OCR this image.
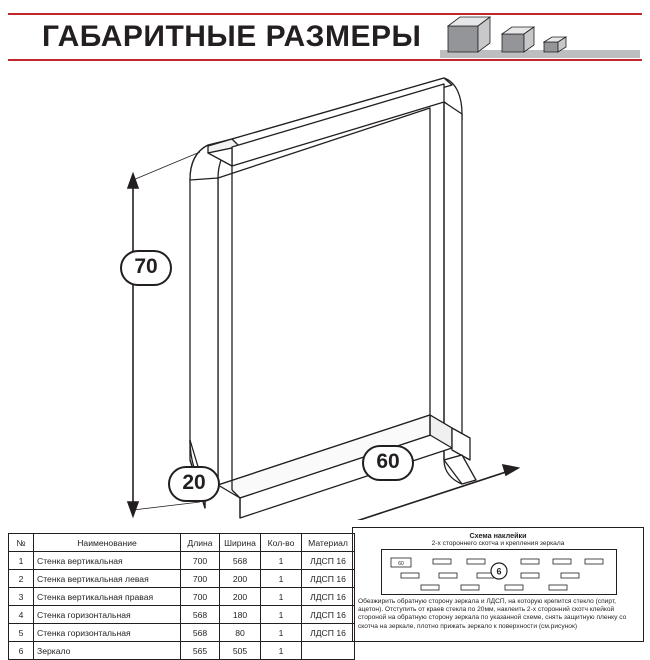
ГАБАРИТНЫЕ РАЗМЕРЫ
70
20
60
№	Наименование	Длина	Ширина	Кол-во	Материал
1	Стенка вертикальная	700	568	1	ЛДСП 16
2	Стенка вертикальная левая	700	200	1	ЛДСП 16
3	Стенка вертикальная правая	700	200	1	ЛДСП 16
4	Стенка горизонтальная	568	180	1	ЛДСП 16
5	Стенка горизонтальная	568	80	1	ЛДСП 16
6	Зеркало	565	505	1	
Схема наклейки
2-х стороннего скотча и крепления зеркала
60
6
Обезжирить обратную сторону зеркала и ЛДСП, на которую крепится стекло (спирт, ацетон). Отступить от краев стекла по 20мм, наклеить 2-х сторонний скотч клейкой стороной на обратную сторону зеркала по указанной схеме, снять защитную пленку со скотча на зеркале, плотно прижать зеркало к поверхности (см.рисунок)
